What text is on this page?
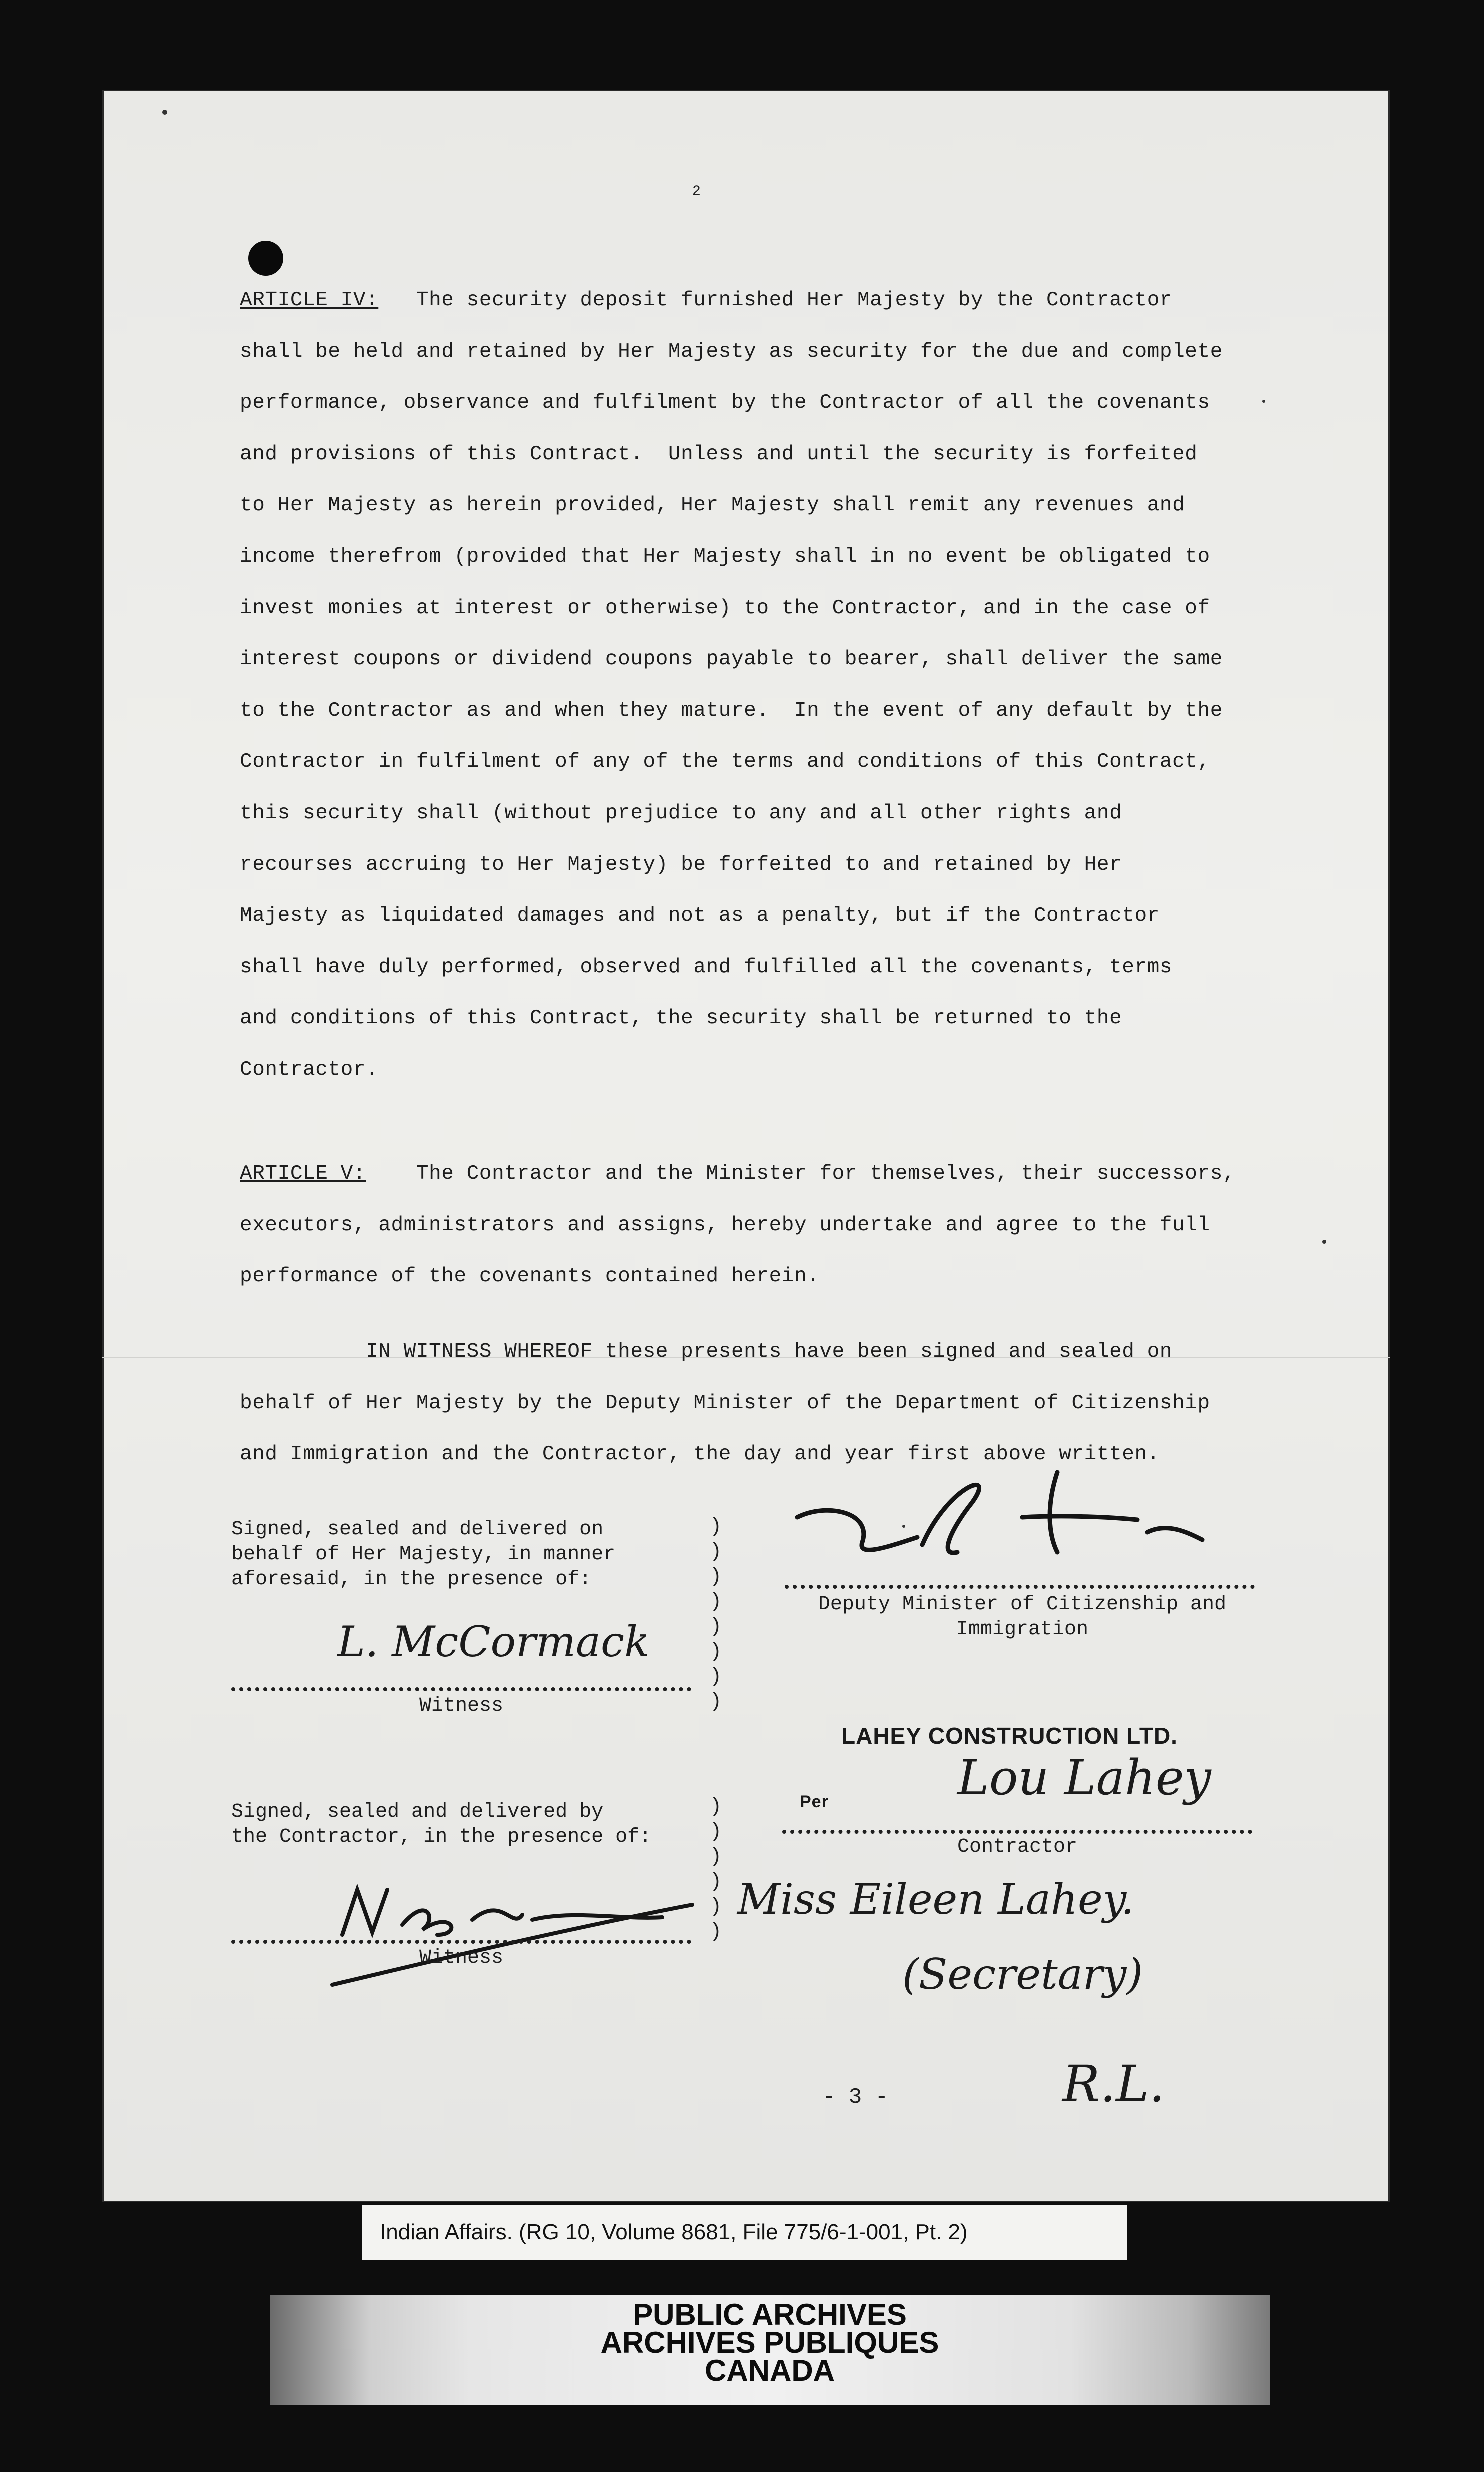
2
ARTICLE IV:   The security deposit furnished Her Majesty by the Contractor
shall be held and retained by Her Majesty as security for the due and complete
performance, observance and fulfilment by the Contractor of all the covenants
and provisions of this Contract.  Unless and until the security is forfeited
to Her Majesty as herein provided, Her Majesty shall remit any revenues and
income therefrom (provided that Her Majesty shall in no event be obligated to
invest monies at interest or otherwise) to the Contractor, and in the case of
interest coupons or dividend coupons payable to bearer, shall deliver the same
to the Contractor as and when they mature.  In the event of any default by the
Contractor in fulfilment of any of the terms and conditions of this Contract,
this security shall (without prejudice to any and all other rights and
recourses accruing to Her Majesty) be forfeited to and retained by Her
Majesty as liquidated damages and not as a penalty, but if the Contractor
shall have duly performed, observed and fulfilled all the covenants, terms
and conditions of this Contract, the security shall be returned to the
Contractor.
ARTICLE V:    The Contractor and the Minister for themselves, their successors,
executors, administrators and assigns, hereby undertake and agree to the full
performance of the covenants contained herein.
IN WITNESS WHEREOF these presents have been signed and sealed on
behalf of Her Majesty by the Deputy Minister of the Department of Citizenship
and Immigration and the Contractor, the day and year first above written.
Signed, sealed and delivered on
behalf of Her Majesty, in manner
aforesaid, in the presence of:
)
)
)
)
)
)
)
)
L. McCormack
Witness
Deputy Minister of Citizenship and
Immigration
LAHEY CONSTRUCTION LTD.
Per	Lou Lahey
Contractor
Signed, sealed and delivered by
the Contractor, in the presence of:
)
)
)
)
)
)
Witness
Miss Eileen Lahey.
(Secretary)
R.L.
- 3 -
Indian Affairs. (RG 10, Volume 8681, File 775/6-1-001, Pt. 2)
PUBLIC ARCHIVES
ARCHIVES PUBLIQUES
CANADA
